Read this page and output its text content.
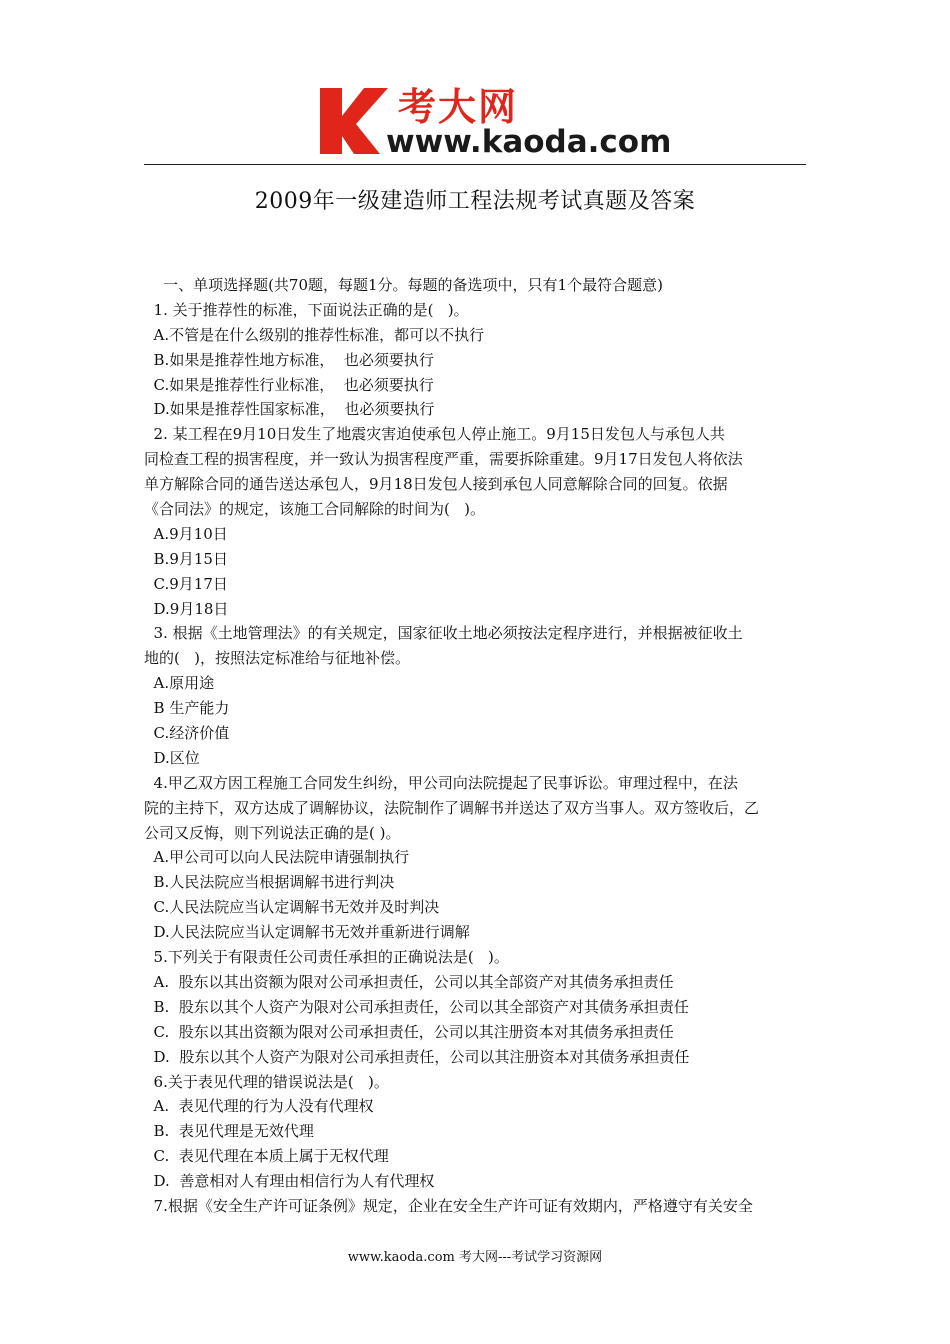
考大网
www.kaoda.com
2009年一级建造师工程法规考试真题及答案
一、单项选择题(共70题，每题1分。每题的备选项中，只有1个最符合题意)
1. 关于推荐性的标准，下面说法正确的是(   )。
A.不管是在什么级别的推荐性标准，都可以不执行
B.如果是推荐性地方标准，  也必须要执行
C.如果是推荐性行业标准，  也必须要执行
D.如果是推荐性国家标准，  也必须要执行
2. 某工程在9月10日发生了地震灾害迫使承包人停止施工。9月15日发包人与承包人共
同检查工程的损害程度，并一致认为损害程度严重，需要拆除重建。9月17日发包人将依法
单方解除合同的通告送达承包人，9月18日发包人接到承包人同意解除合同的回复。依据
《合同法》的规定，该施工合同解除的时间为(   )。
A.9月10日
B.9月15日
C.9月17日
D.9月18日
3. 根据《土地管理法》的有关规定，国家征收土地必须按法定程序进行，并根据被征收土
地的(   )，按照法定标准给与征地补偿。
A.原用途
B 生产能力
C.经济价值
D.区位
4.甲乙双方因工程施工合同发生纠纷，甲公司向法院提起了民事诉讼。审理过程中，在法
院的主持下，双方达成了调解协议，法院制作了调解书并送达了双方当事人。双方签收后，乙
公司又反悔，则下列说法正确的是( )。
A.甲公司可以向人民法院申请强制执行
B.人民法院应当根据调解书进行判决
C.人民法院应当认定调解书无效并及时判决
D.人民法院应当认定调解书无效并重新进行调解
5.下列关于有限责任公司责任承担的正确说法是(   )。
A.  股东以其出资额为限对公司承担责任，公司以其全部资产对其债务承担责任
B.  股东以其个人资产为限对公司承担责任，公司以其全部资产对其债务承担责任
C.  股东以其出资额为限对公司承担责任，公司以其注册资本对其债务承担责任
D.  股东以其个人资产为限对公司承担责任，公司以其注册资本对其债务承担责任
6.关于表见代理的错误说法是(   )。
A.  表见代理的行为人没有代理权
B.  表见代理是无效代理
C.  表见代理在本质上属于无权代理
D.  善意相对人有理由相信行为人有代理权
7.根据《安全生产许可证条例》规定，企业在安全生产许可证有效期内，严格遵守有关安全
www.kaoda.com 考大网---考试学习资源网
